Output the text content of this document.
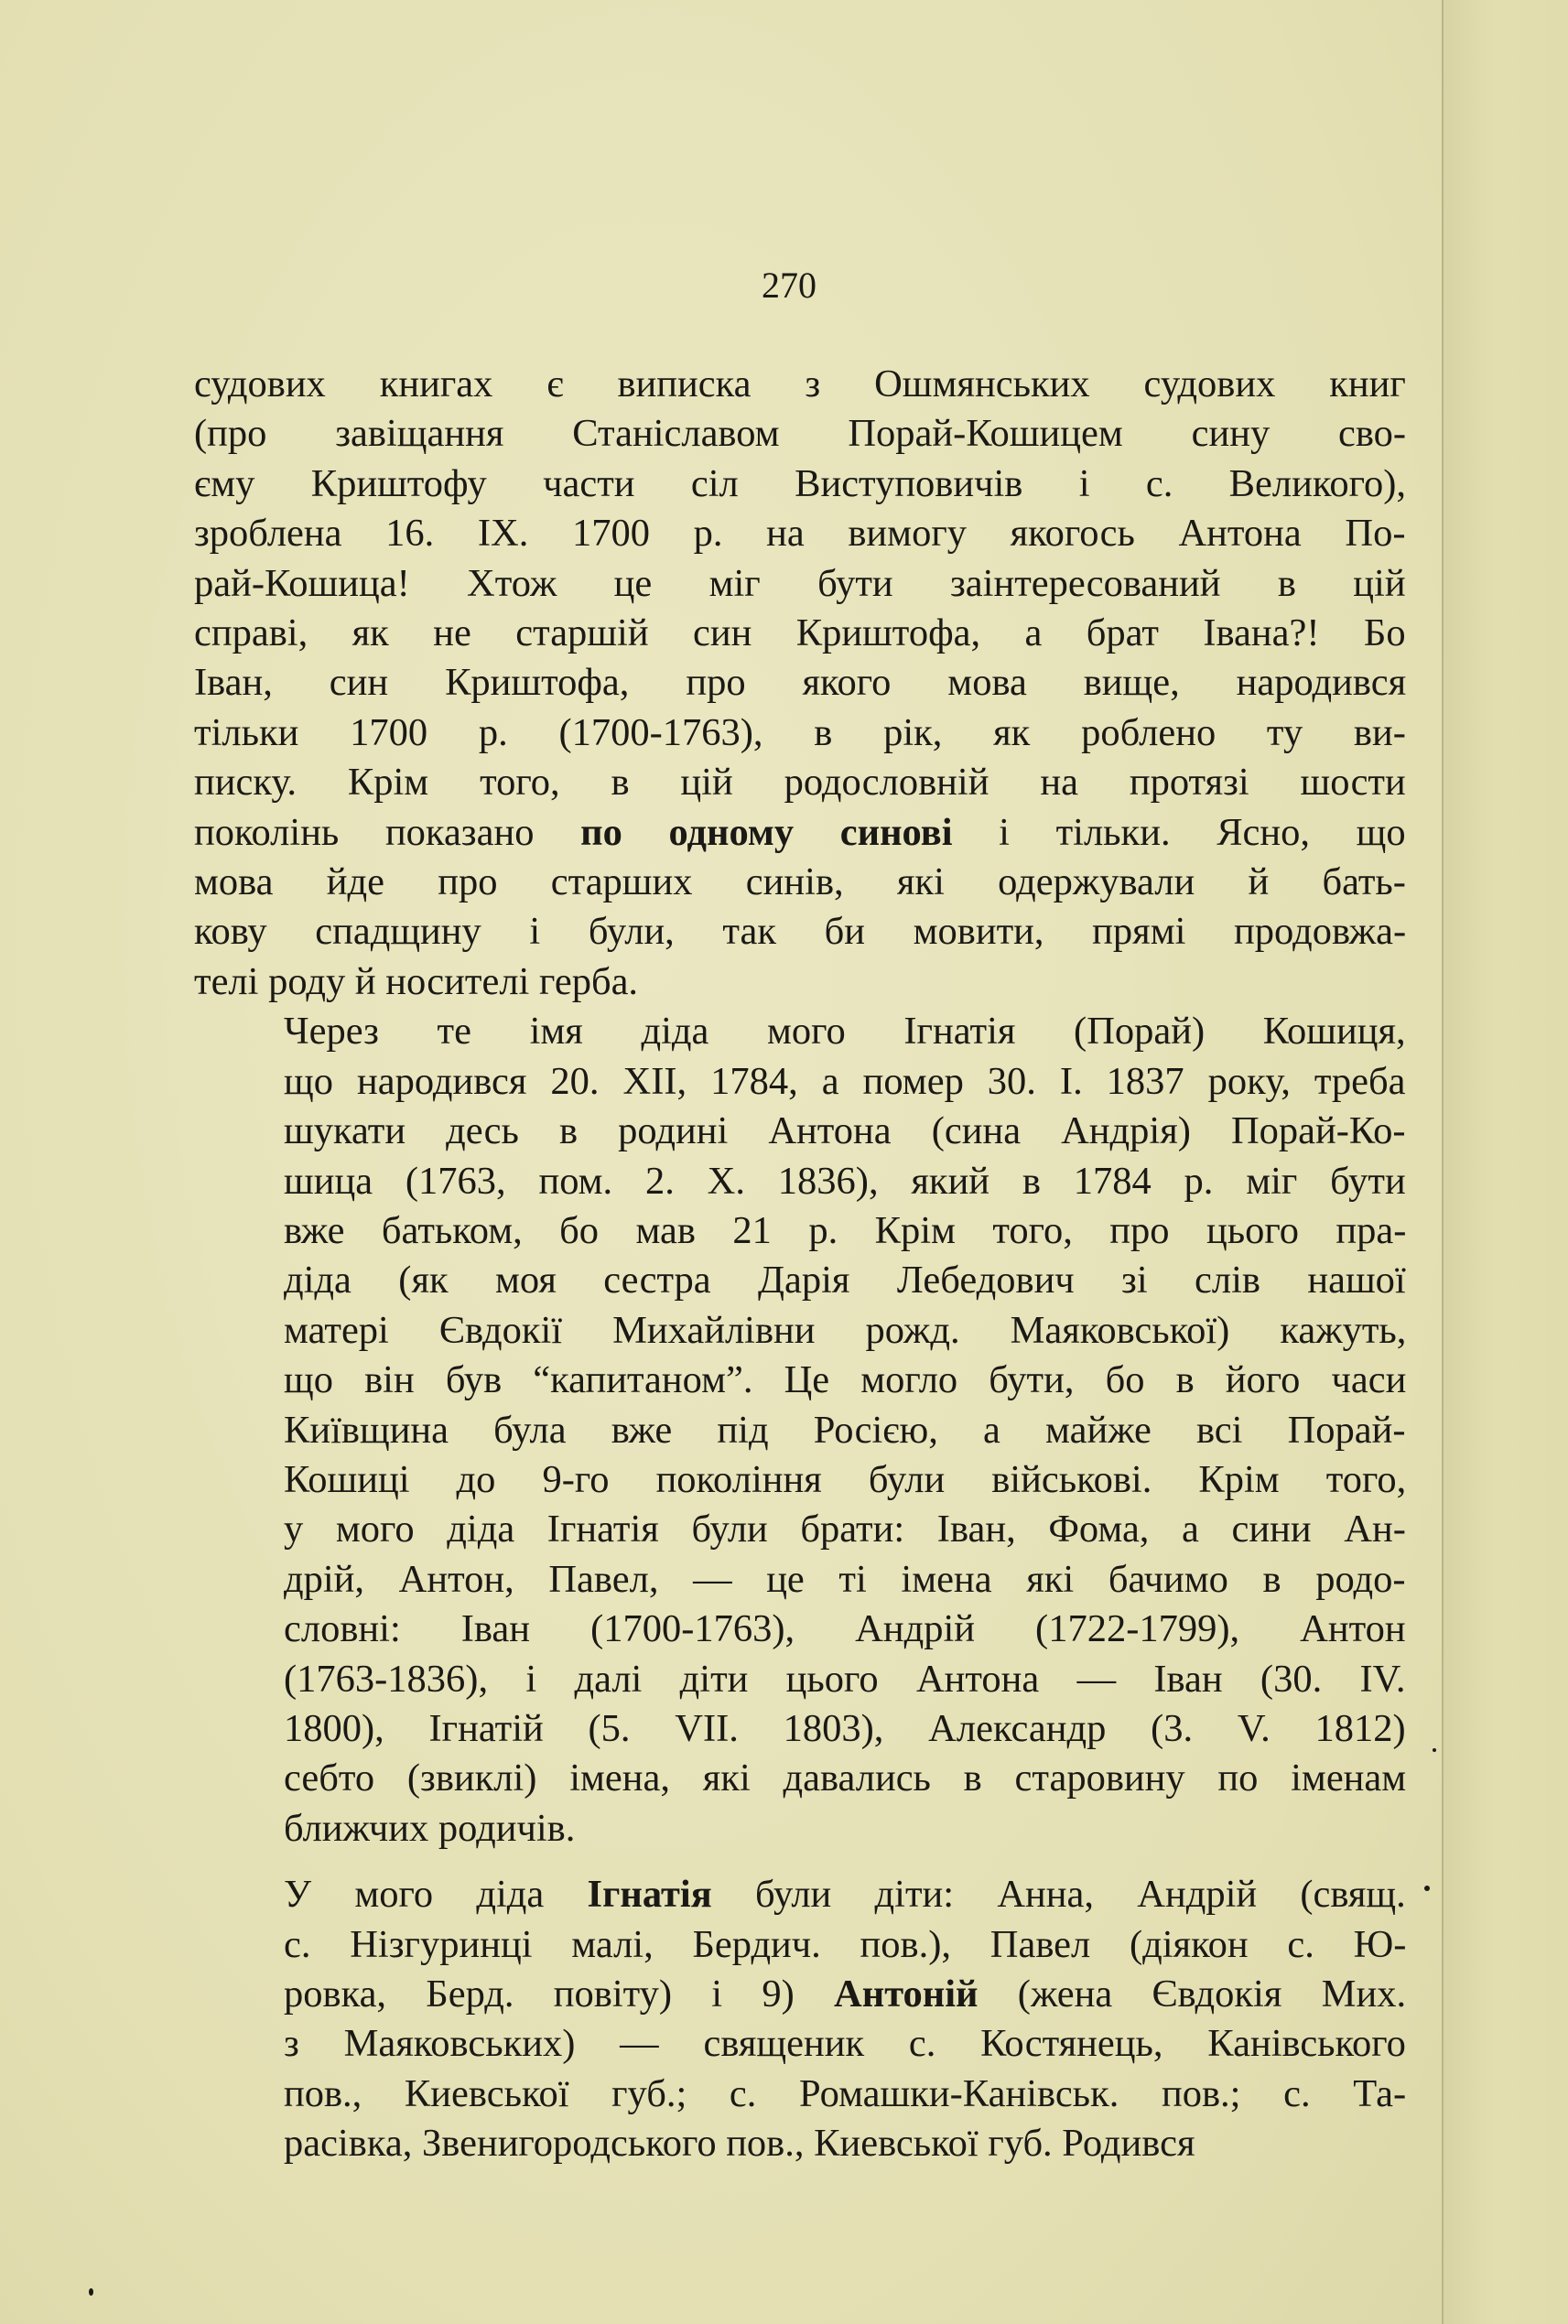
270
судових книгах є виписка з Ошмянських судових книг
(про завіщання Станіславом Порай-Кошицем сину сво-
єму Криштофу части сіл Виступовичів і с. Великого),
зроблена 16. IX. 1700 р. на вимогу якогось Антона По-
рай-Кошица! Хтож це міг бути заінтересований в цій
справі, як не старшій син Криштофа, а брат Івана?! Бо
Іван, син Криштофа, про якого мова вище, народився
тільки 1700 р. (1700-1763), в рік, як роблено ту ви-
писку. Крім того, в цій родословній на протязі шости
поколінь показано по одному синові і тільки. Ясно, що
мова йде про старших синів, які одержували й бать-
кову спадщину і були, так би мовити, прямі продовжа-
телі роду й носителі герба.
Через те імя діда мого Ігнатія (Порай) Кошиця,
що народився 20. XII, 1784, а помер 30. I. 1837 року, треба
шукати десь в родині Антона (сина Андрія) Порай-Ко-
шица (1763, пом. 2. X. 1836), який в 1784 р. міг бути
вже батьком, бо мав 21 р. Крім того, про цього пра-
діда (як моя сестра Дарія Лебедович зі слів нашої
матері Євдокії Михайлівни рожд. Маяковської) кажуть,
що він був “капитаном”. Це могло бути, бо в його часи
Київщина була вже під Росією, а майже всі Порай-
Кошиці до 9-го покоління були військові. Крім того,
у мого діда Ігнатія були брати: Іван, Фома, а сини Ан-
дрій, Антон, Павел, — це ті імена які бачимо в родо-
словні: Іван (1700-1763), Андрій (1722-1799), Антон
(1763-1836), і далі діти цього Антона — Іван (30. IV.
1800), Ігнатій (5. VII. 1803), Александр (3. V. 1812)
себто (звиклі) імена, які давались в старовину по іменам
ближчих родичів.
У мого діда Ігнатія були діти: Анна, Андрій (свящ.
с. Нізгуринці малі, Бердич. пов.), Павел (діякон с. Ю-
ровка, Берд. повіту) і 9) Антоній (жена Євдокія Мих.
з Маяковських) — священик с. Костянець, Канівського
пов., Киевської губ.; с. Ромашки-Канівськ. пов.; с. Та-
расівка, Звенигородського пов., Киевської губ. Родився
